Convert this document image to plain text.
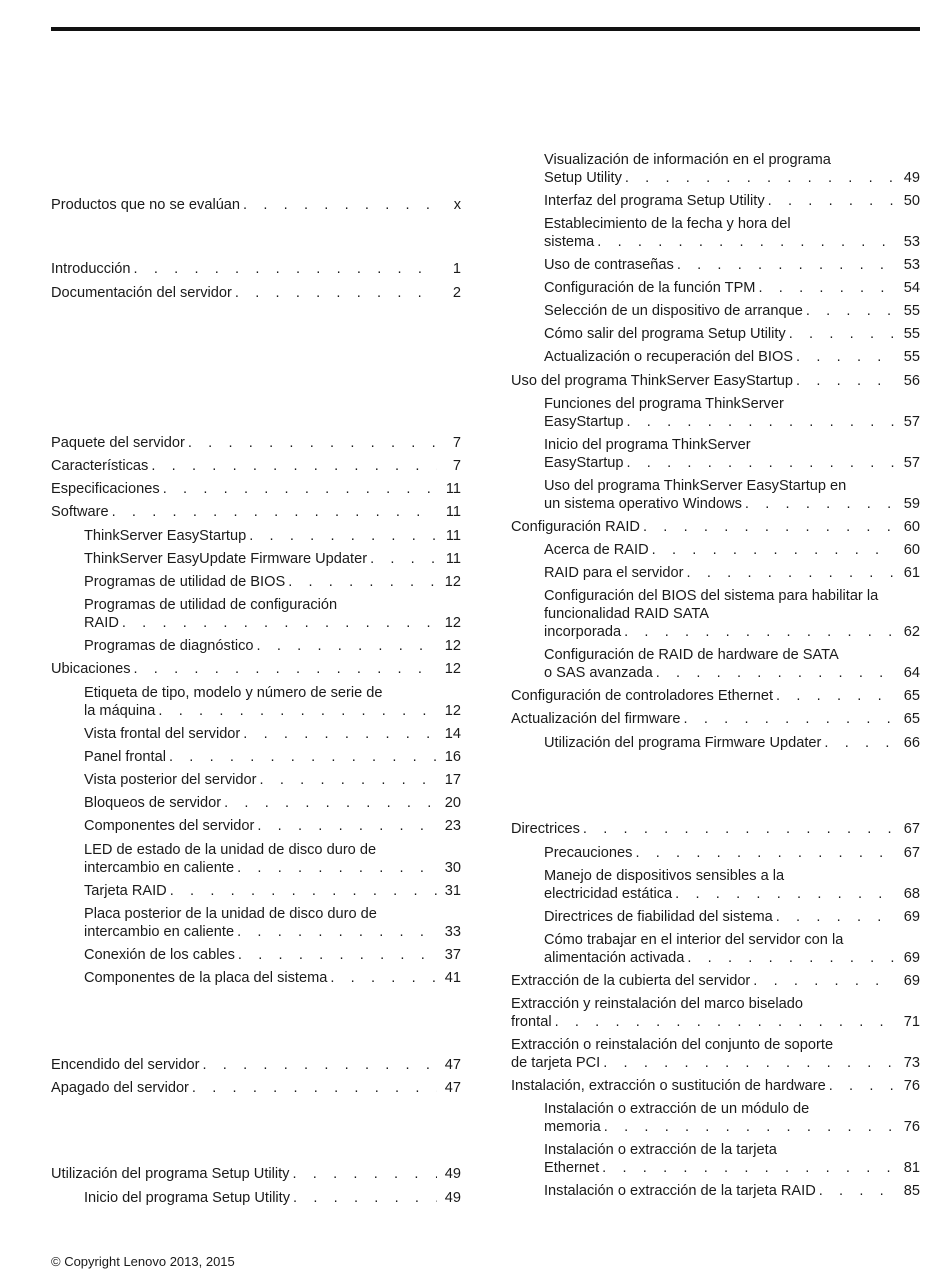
Productos que no se evalúan . . .	x
Introducción . . .	1
Documentación del servidor . . .	2
Paquete del servidor . . .	7
Características . . .	7
Especificaciones . . .	11
Software . . .	11
ThinkServer EasyStartup . . .	11
ThinkServer EasyUpdate Firmware Updater . . .	11
Programas de utilidad de BIOS . . .	12
Programas de utilidad de configuración
RAID . . .	12
Programas de diagnóstico . . .	12
Ubicaciones . . .	12
Etiqueta de tipo, modelo y número de serie de
la máquina . . .	12
Vista frontal del servidor . . .	14
Panel frontal . . .	16
Vista posterior del servidor . . .	17
Bloqueos de servidor . . .	20
Componentes del servidor . . .	23
LED de estado de la unidad de disco duro de
intercambio en caliente . . .	30
Tarjeta RAID . . .	31
Placa posterior de la unidad de disco duro de
intercambio en caliente . . .	33
Conexión de los cables . . .	37
Componentes de la placa del sistema . . .	41
Encendido del servidor . . .	47
Apagado del servidor . . .	47
Utilización del programa Setup Utility . . .	49
Inicio del programa Setup Utility . . .	49
Visualización de información en el programa
Setup Utility . . .	49
Interfaz del programa Setup Utility . . .	50
Establecimiento de la fecha y hora del
sistema . . .	53
Uso de contraseñas . . .	53
Configuración de la función TPM . . .	54
Selección de un dispositivo de arranque . . .	55
Cómo salir del programa Setup Utility . . .	55
Actualización o recuperación del BIOS . . .	55
Uso del programa ThinkServer EasyStartup . . .	56
Funciones del programa ThinkServer
EasyStartup . . .	57
Inicio del programa ThinkServer
EasyStartup . . .	57
Uso del programa ThinkServer EasyStartup en
un sistema operativo Windows . . .	59
Configuración RAID . . .	60
Acerca de RAID . . .	60
RAID para el servidor . . .	61
Configuración del BIOS del sistema para habilitar la funcionalidad RAID SATA
incorporada . . .	62
Configuración de RAID de hardware de SATA
o SAS avanzada . . .	64
Configuración de controladores Ethernet . . .	65
Actualización del firmware . . .	65
Utilización del programa Firmware Updater . . .	66
Directrices . . .	67
Precauciones . . .	67
Manejo de dispositivos sensibles a la
electricidad estática . . .	68
Directrices de fiabilidad del sistema . . .	69
Cómo trabajar en el interior del servidor con la
alimentación activada . . .	69
Extracción de la cubierta del servidor . . .	69
Extracción y reinstalación del marco biselado
frontal . . .	71
Extracción o reinstalación del conjunto de soporte
de tarjeta PCI . . .	73
Instalación, extracción o sustitución de hardware . . .	76
Instalación o extracción de un módulo de
memoria . . .	76
Instalación o extracción de la tarjeta
Ethernet . . .	81
Instalación o extracción de la tarjeta RAID . . .	85
© Copyright Lenovo 2013, 2015
